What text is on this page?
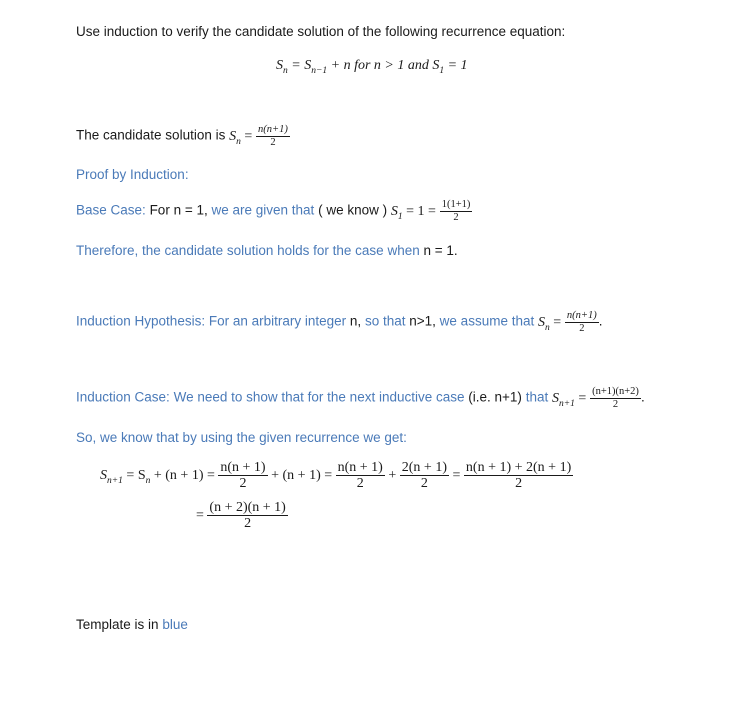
Use induction to verify the candidate solution of the following recurrence equation:
$S_n = S_{n-1} + n$ for n > 1 and $S_1 = 1$
The candidate solution is $S_n = \frac{n(n+1)}{2}$
Proof by Induction:
Base Case: For n = 1, we are given that ( we know ) $S_1 = 1 = \frac{1(1+1)}{2}$
Therefore, the candidate solution holds for the case when n = 1.
Induction Hypothesis: For an arbitrary integer n, so that n>1, we assume that $S_n = \frac{n(n+1)}{2}$ .
Induction Case: We need to show that for the next inductive case (i.e. n+1) that $S_{n+1} = \frac{(n+1)(n+2)}{2}$ .
So, we know that by using the given recurrence we get:
$S_{n+1} = S_n + (n + 1) = \frac{n(n + 1)}{2} + (n + 1) = \frac{n(n + 1)}{2} + \frac{2(n + 1)}{2} = \frac{n(n + 1) + 2(n + 1)}{2}$
= $\frac{(n + 2)(n + 1)}{2}$
Template is in blue
